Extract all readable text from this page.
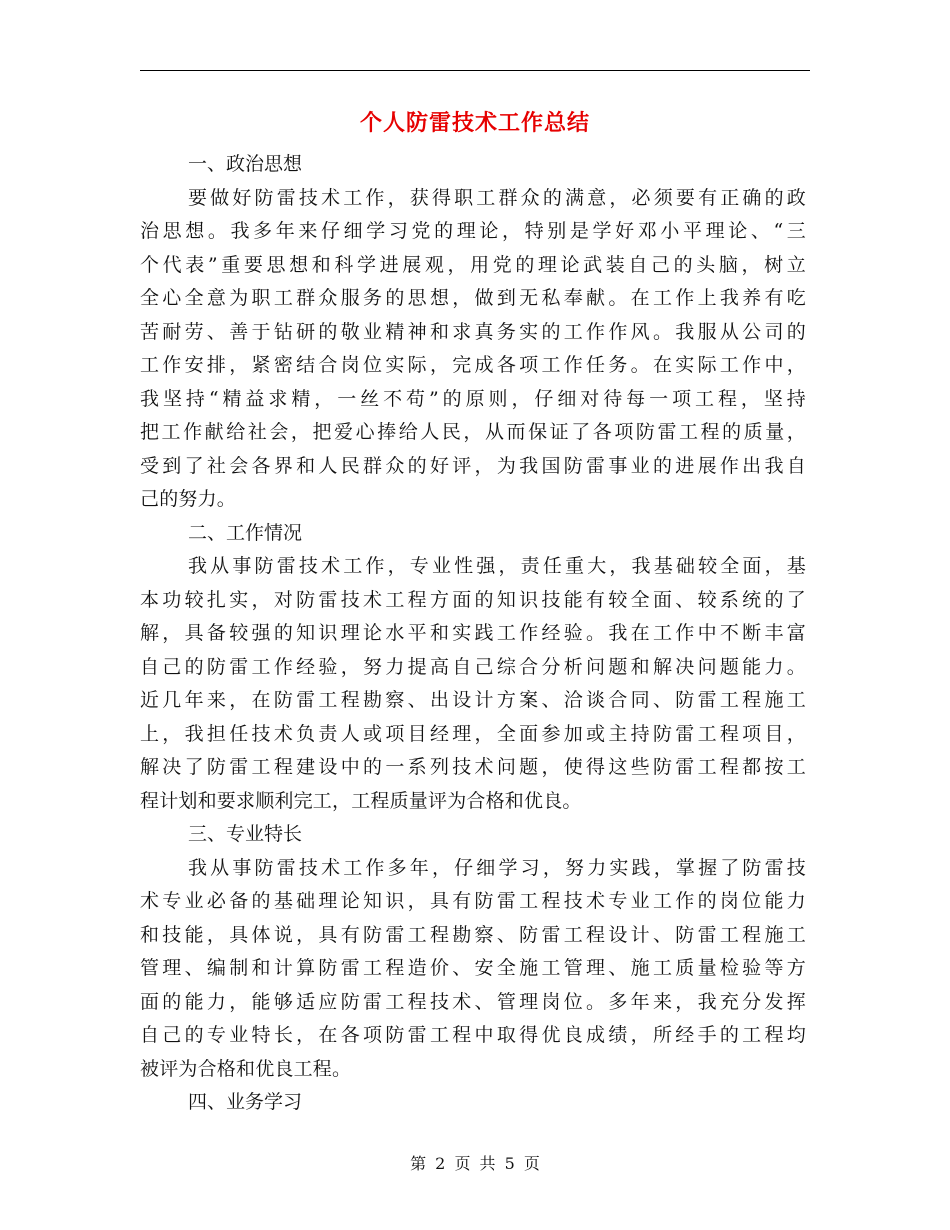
个人防雷技术工作总结
一、政治思想
要做好防雷技术工作，获得职工群众的满意，必须要有正确的政
治思想。我多年来仔细学习党的理论，特别是学好邓小平理论、“三
个代表”重要思想和科学进展观，用党的理论武装自己的头脑，树立
全心全意为职工群众服务的思想，做到无私奉献。在工作上我养有吃
苦耐劳、善于钻研的敬业精神和求真务实的工作作风。我服从公司的
工作安排，紧密结合岗位实际，完成各项工作任务。在实际工作中，
我坚持“精益求精，一丝不苟”的原则，仔细对待每一项工程，坚持
把工作献给社会，把爱心捧给人民，从而保证了各项防雷工程的质量，
受到了社会各界和人民群众的好评，为我国防雷事业的进展作出我自
己的努力。
二、工作情况
我从事防雷技术工作，专业性强，责任重大，我基础较全面，基
本功较扎实，对防雷技术工程方面的知识技能有较全面、较系统的了
解，具备较强的知识理论水平和实践工作经验。我在工作中不断丰富
自己的防雷工作经验，努力提高自己综合分析问题和解决问题能力。
近几年来，在防雷工程勘察、出设计方案、洽谈合同、防雷工程施工
上，我担任技术负责人或项目经理，全面参加或主持防雷工程项目，
解决了防雷工程建设中的一系列技术问题，使得这些防雷工程都按工
程计划和要求顺利完工，工程质量评为合格和优良。
三、专业特长
我从事防雷技术工作多年，仔细学习，努力实践，掌握了防雷技
术专业必备的基础理论知识，具有防雷工程技术专业工作的岗位能力
和技能，具体说，具有防雷工程勘察、防雷工程设计、防雷工程施工
管理、编制和计算防雷工程造价、安全施工管理、施工质量检验等方
面的能力，能够适应防雷工程技术、管理岗位。多年来，我充分发挥
自己的专业特长，在各项防雷工程中取得优良成绩，所经手的工程均
被评为合格和优良工程。
四、业务学习
第 2 页 共 5 页
